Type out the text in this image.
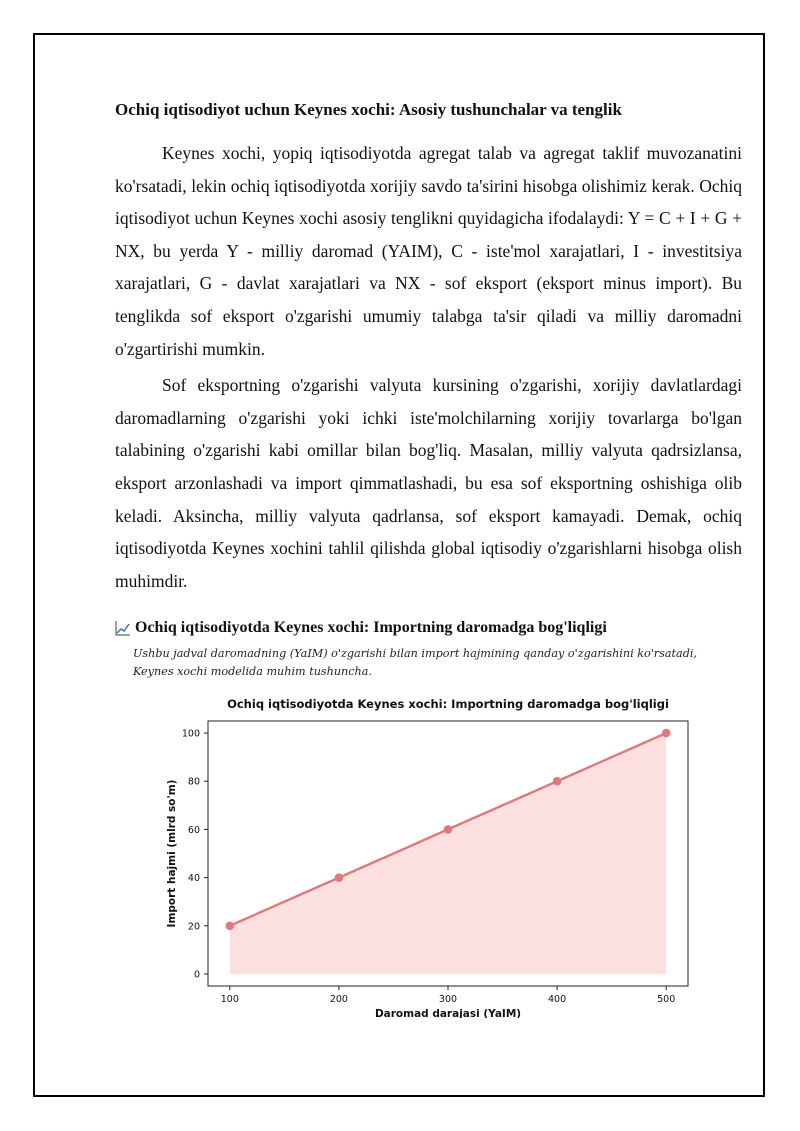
Ochiq iqtisodiyot uchun Keynes xochi: Asosiy tushunchalar va tenglik

Keynes xochi, yopiq iqtisodiyotda agregat talab va agregat taklif muvozanatini ko'rsatadi, lekin ochiq iqtisodiyotda xorijiy savdo ta'sirini hisobga olishimiz kerak. Ochiq iqtisodiyot uchun Keynes xochi asosiy tenglikni quyidagicha ifodalaydi: Y = C + I + G + NX, bu yerda Y - milliy daromad (YAIM), C - iste'mol xarajatlari, I - investitsiya xarajatlari, G - davlat xarajatlari va NX - sof eksport (eksport minus import). Bu tenglikda sof eksport o'zgarishi umumiy talabga ta'sir qiladi va milliy daromadni o'zgartirishi mumkin.

Sof eksportning o'zgarishi valyuta kursining o'zgarishi, xorijiy davlatlardagi daromadlarning o'zgarishi yoki ichki iste'molchilarning xorijiy tovarlarga bo'lgan talabining o'zgarishi kabi omillar bilan bog'liq. Masalan, milliy valyuta qadrsizlansa, eksport arzonlashadi va import qimmatlashadi, bu esa sof eksportning oshishiga olib keladi. Aksincha, milliy valyuta qadrlansa, sof eksport kamayadi. Demak, ochiq iqtisodiyotda Keynes xochini tahlil qilishda global iqtisodiy o'zgarishlarni hisobga olish muhimdir.

Ochiq iqtisodiyotda Keynes xochi: Importning daromadga bog'liqligi
Ushbu jadval daromadning (YaIM) o'zgarishi bilan import hajmining qanday o'zgarishini ko'rsatadi, Keynes xochi modelida muhim tushuncha.
Ochiq iqtisodiyotda Keynes xochi: Importning daromadga bog'liqligi
100	200	300	400	500
0
20
40
60
80
100
Daromad darajasi (YaIM)
Import hajmi (mlrd so'm)
